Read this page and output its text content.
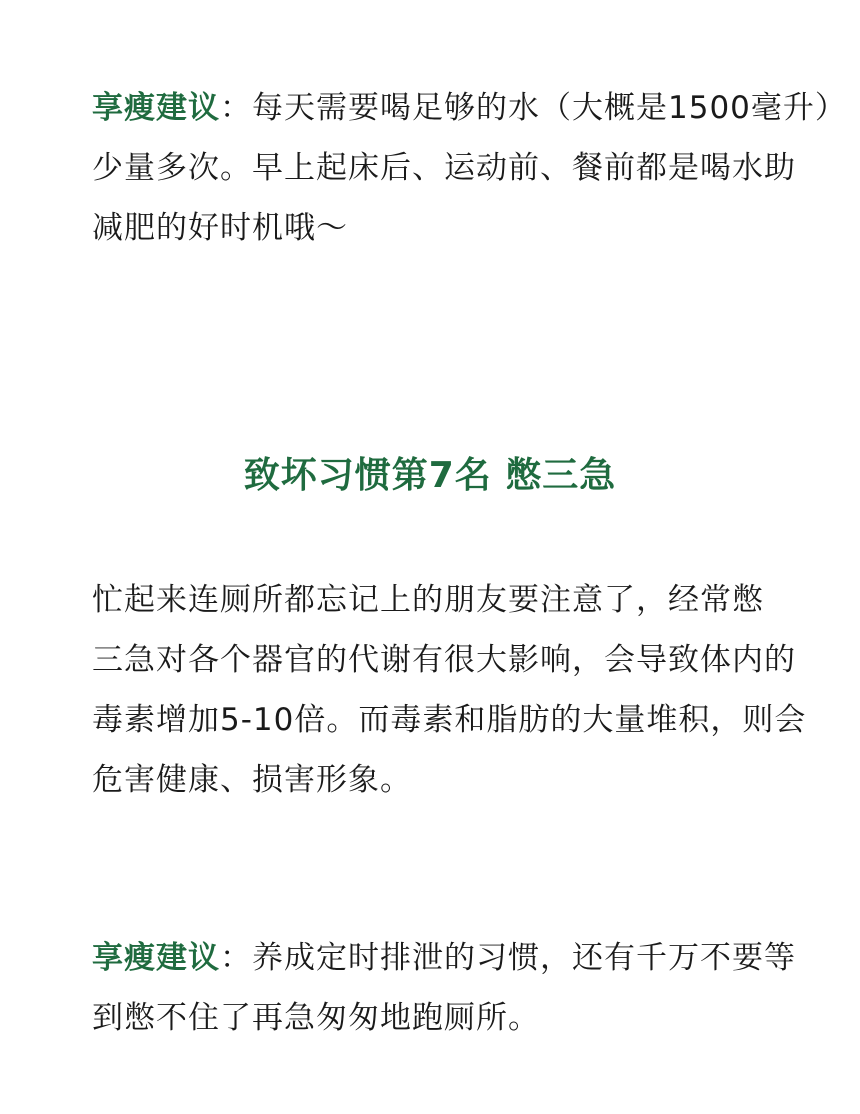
享瘦建议：每天需要喝足够的水（大概是1500毫升）
少量多次。早上起床后、运动前、餐前都是喝水助
减肥的好时机哦～
致坏习惯第7名 憋三急
忙起来连厕所都忘记上的朋友要注意了，经常憋
三急对各个器官的代谢有很大影响，会导致体内的
毒素增加5-10倍。而毒素和脂肪的大量堆积，则会
危害健康、损害形象。
享瘦建议：养成定时排泄的习惯，还有千万不要等
到憋不住了再急匆匆地跑厕所。
